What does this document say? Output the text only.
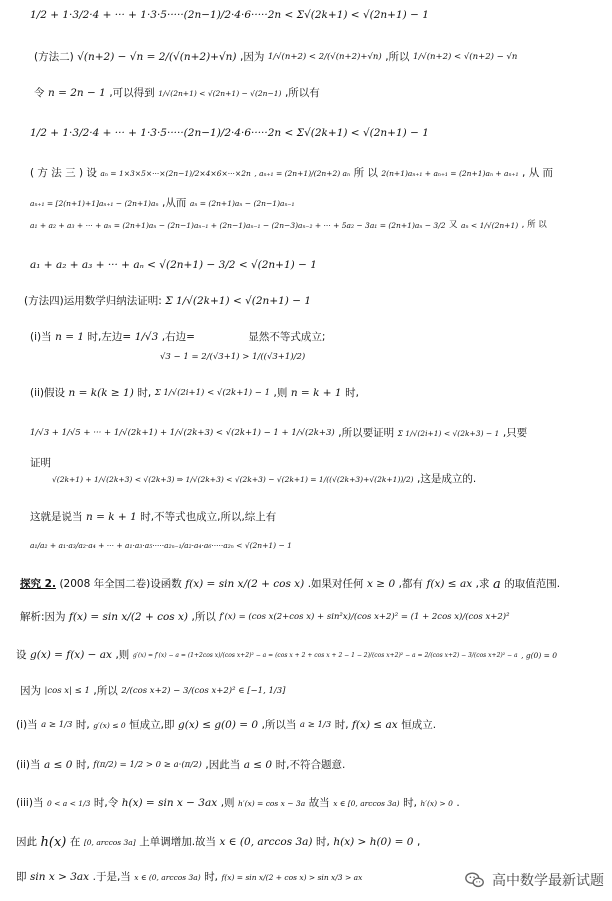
1/2 + 1·3/2·4 + ··· + 1·3·5·····(2n−1)/2·4·6·····2n < Σ√(2k+1) < √(2n+1) − 1
(方法二) √(n+2) − √n = 2/(√(n+2)+√n) ,因为 1/√(n+2) < 2/(√(n+2)+√n) ,所以 1/√(n+2) < √(n+2) − √n
令 n = 2n − 1 ,可以得到 1/√(2n+1) < √(2n+1) − √(2n−1) ,所以有
1/2 + 1·3/2·4 + ··· + 1·3·5·····(2n−1)/2·4·6·····2n < Σ√(2k+1) < √(2n+1) − 1
( 方 法 三 ) 设 aₙ = 1×3×5×···×(2n−1)/2×4×6×···×2n , aₙ₊₁ = (2n+1)/(2n+2) aₙ 所 以 2(n+1)aₙ₊₁ + aₙ₊₁ = (2n+1)aₙ + aₙ₊₁ , 从 而
aₙ₊₁ = [2(n+1)+1]aₙ₊₁ − (2n+1)aₙ ,从而 aₙ = (2n+1)aₙ − (2n−1)aₙ₋₁
a₁ + a₂ + a₃ + ··· + aₙ = (2n+1)aₙ − (2n−1)aₙ₋₁ + (2n−1)aₙ₋₁ − (2n−3)aₙ₋₂ + ··· + 5a₂ − 3a₁ = (2n+1)aₙ − 3/2 又 aₙ < 1/√(2n+1) , 所 以
a₁ + a₂ + a₃ + ··· + aₙ < √(2n+1) − 3/2 < √(2n+1) − 1
(方法四)运用数学归纳法证明: Σ 1/√(2k+1) < √(2n+1) − 1
(i)当 n = 1 时,左边= 1/√3 ,右边=	显然不等式成立;
√3 − 1 = 2/(√3+1) > 1/((√3+1)/2)
(ii)假设 n = k(k ≥ 1) 时, Σ 1/√(2i+1) < √(2k+1) − 1 ,则 n = k + 1 时,
1/√3 + 1/√5 + ··· + 1/√(2k+1) + 1/√(2k+3) < √(2k+1) − 1 + 1/√(2k+3) ,所以要证明 Σ 1/√(2i+1) < √(2k+3) − 1 ,只要
证明
√(2k+1) + 1/√(2k+3) < √(2k+3) ⇒ 1/√(2k+3) < √(2k+3) − √(2k+1) = 1/((√(2k+3)+√(2k+1))/2) ,这是成立的.
这就是说当 n = k + 1 时,不等式也成立,所以,综上有
a₁/a₂ + a₁·a₃/a₂·a₄ + ··· + a₁·a₃·a₅·····a₂ₙ₋₁/a₂·a₄·a₆·····a₂ₙ < √(2n+1) − 1
探究 2. (2008 年全国二卷)设函数 f(x) = sin x/(2 + cos x) .如果对任何 x ≥ 0 ,都有 f(x) ≤ ax ,求 a 的取值范围.
解析:因为 f(x) = sin x/(2 + cos x) ,所以 f′(x) = (cos x(2+cos x) + sin²x)/(cos x+2)² = (1 + 2cos x)/(cos x+2)²
设 g(x) = f(x) − ax ,则 g′(x) = f′(x) − a = (1+2cos x)/(cos x+2)² − a = (cos x + 2 + cos x + 2 − 1 − 2)/(cos x+2)² − a = 2/(cos x+2) − 3/(cos x+2)² − a , g(0) = 0
因为 |cos x| ≤ 1 ,所以 2/(cos x+2) − 3/(cos x+2)² ∈ [−1, 1/3]
(i)当 a ≥ 1/3 时, g′(x) ≤ 0 恒成立,即 g(x) ≤ g(0) = 0 ,所以当 a ≥ 1/3 时, f(x) ≤ ax 恒成立.
(ii)当 a ≤ 0 时, f(π/2) = 1/2 > 0 ≥ a·(π/2) ,因此当 a ≤ 0 时,不符合题意.
(iii)当 0 < a < 1/3 时,令 h(x) = sin x − 3ax ,则 h′(x) = cos x − 3a 故当 x ∈ [0, arccos 3a) 时, h′(x) > 0 .
因此 h(x) 在 [0, arccos 3a] 上单调增加.故当 x ∈ (0, arccos 3a) 时, h(x) > h(0) = 0 ,
即 sin x > 3ax .于是,当 x ∈ (0, arccos 3a) 时, f(x) = sin x/(2 + cos x) > sin x/3 > ax	高中数学最新试题
